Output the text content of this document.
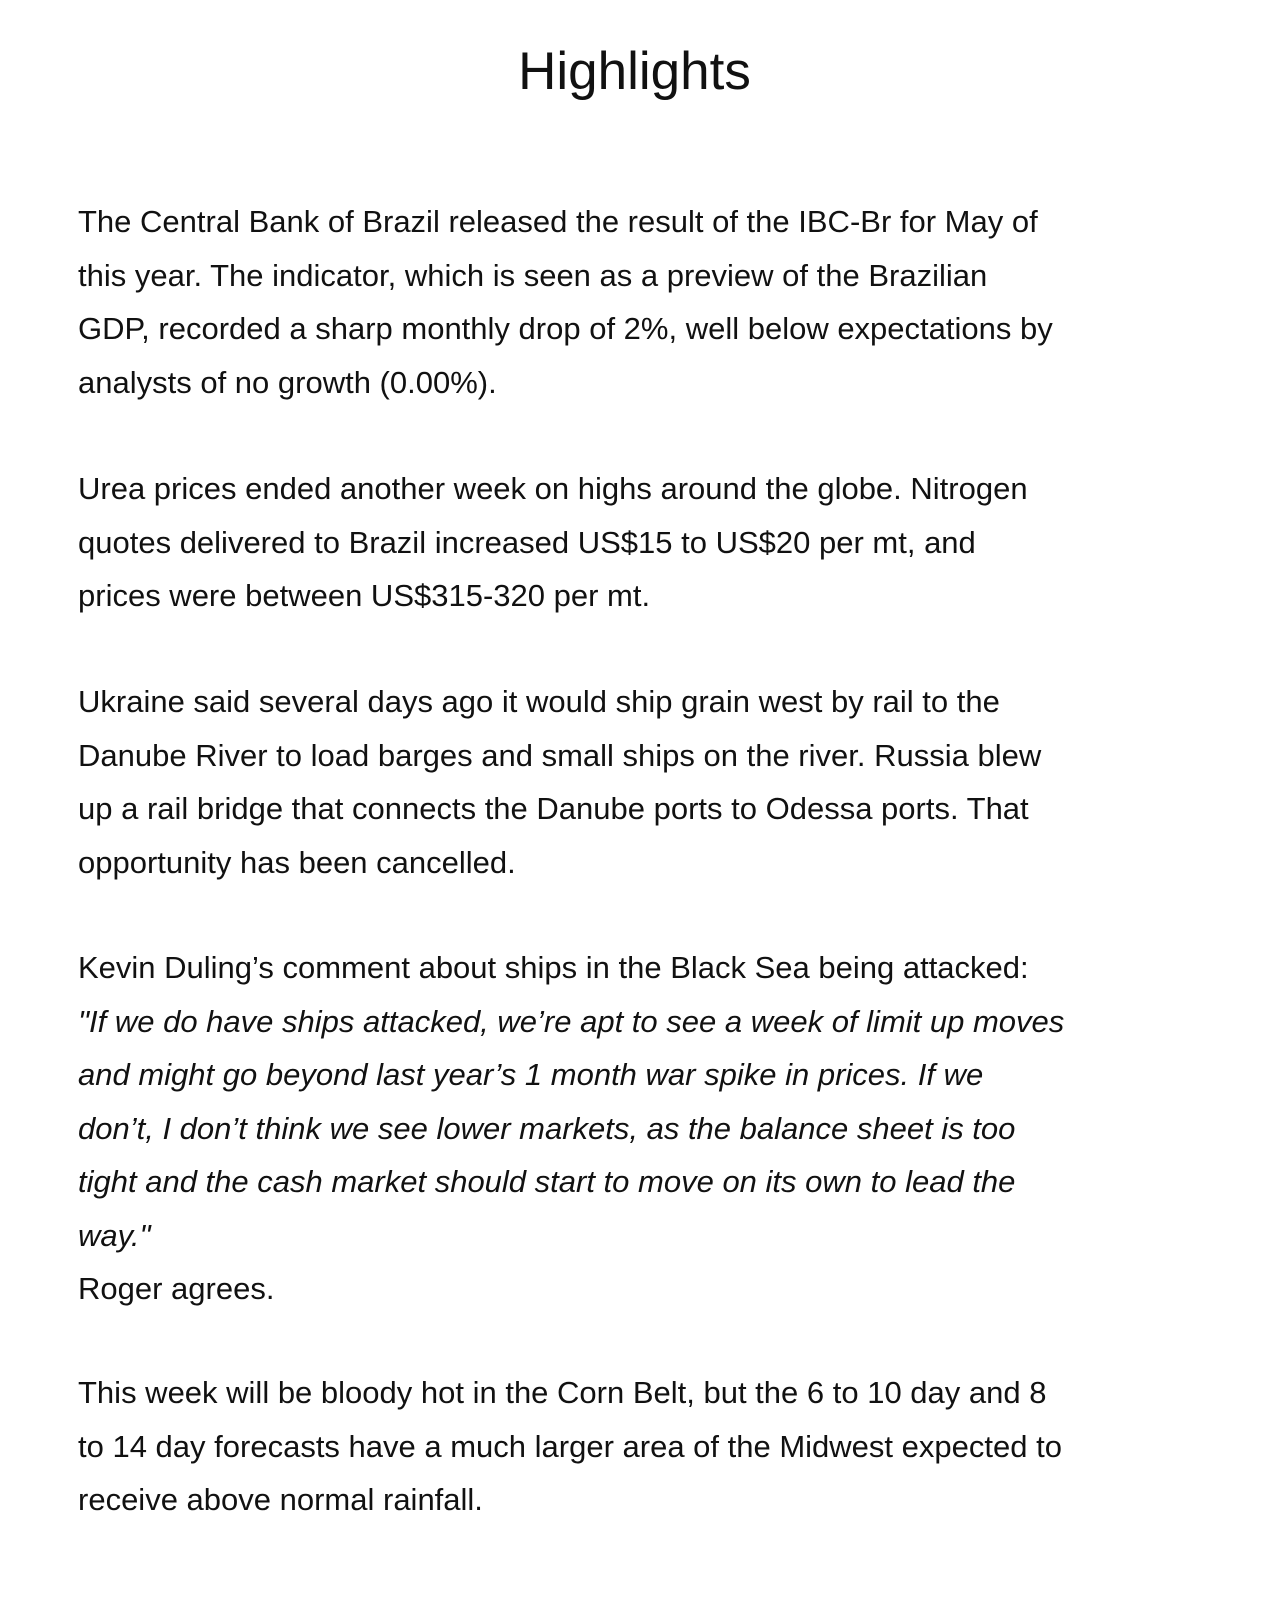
Highlights

The Central Bank of Brazil released the result of the IBC-Br for May of
this year. The indicator, which is seen as a preview of the Brazilian
GDP, recorded a sharp monthly drop of 2%, well below expectations by
analysts of no growth (0.00%).

Urea prices ended another week on highs around the globe. Nitrogen
quotes delivered to Brazil increased US$15 to US$20 per mt, and
prices were between US$315-320 per mt.

Ukraine said several days ago it would ship grain west by rail to the
Danube River to load barges and small ships on the river. Russia blew
up a rail bridge that connects the Danube ports to Odessa ports. That
opportunity has been cancelled.

Kevin Duling’s comment about ships in the Black Sea being attacked:
"If we do have ships attacked, we’re apt to see a week of limit up moves
and might go beyond last year’s 1 month war spike in prices. If we
don’t, I don’t think we see lower markets, as the balance sheet is too
tight and the cash market should start to move on its own to lead the
way."
Roger agrees.

This week will be bloody hot in the Corn Belt, but the 6 to 10 day and 8
to 14 day forecasts have a much larger area of the Midwest expected to
receive above normal rainfall.
